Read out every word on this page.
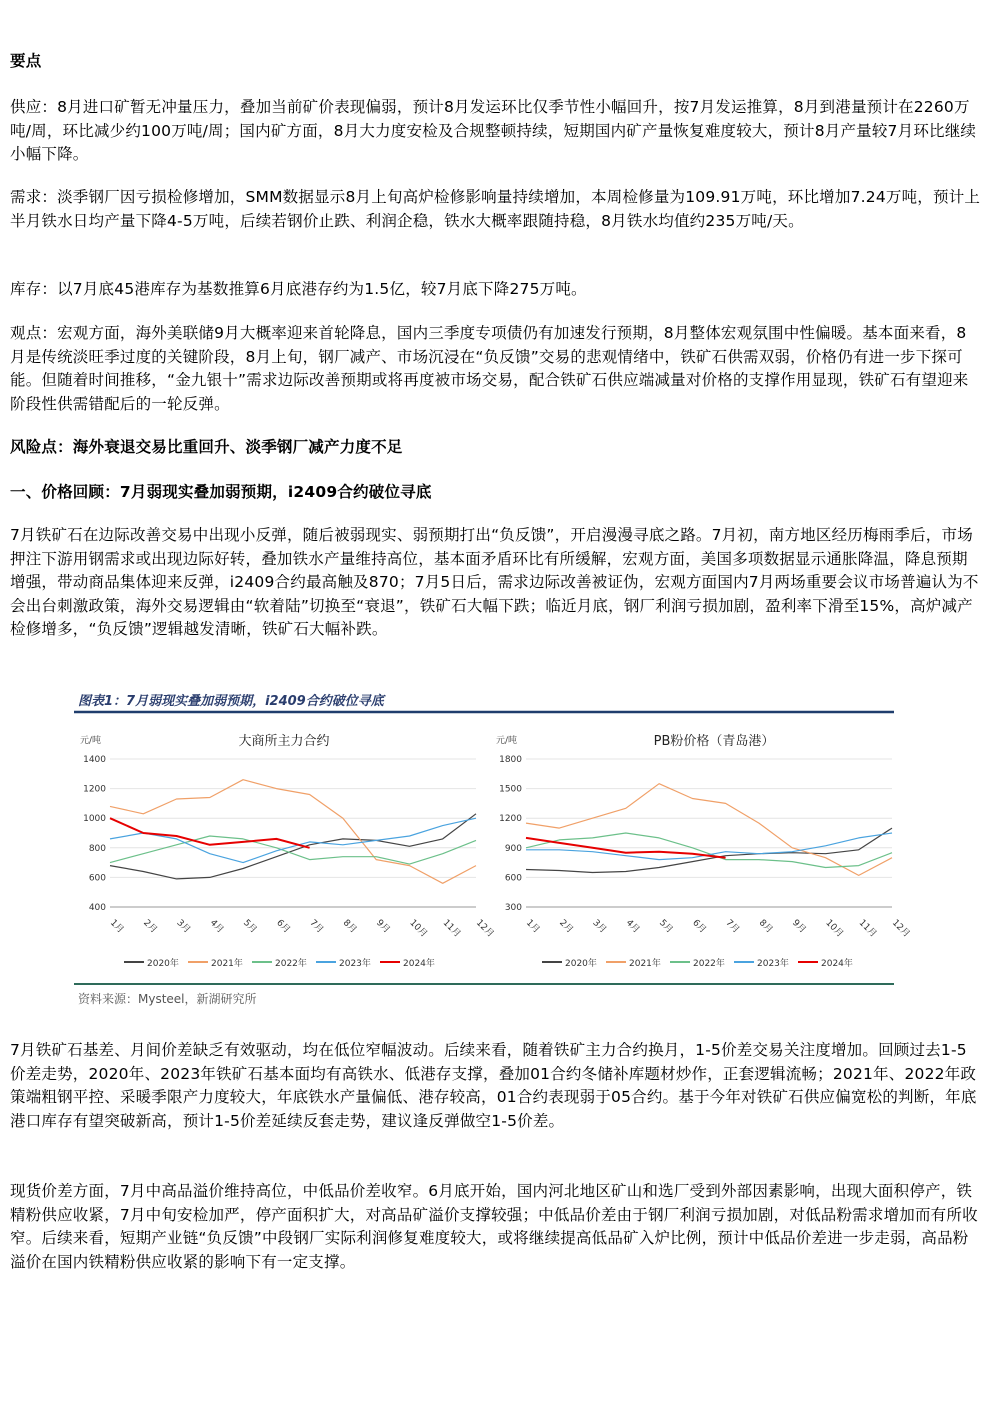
要点

供应：8月进口矿暂无冲量压力，叠加当前矿价表现偏弱，预计8月发运环比仅季节性小幅回升，按7月发运推算，8月到港量预计在2260万吨/周，环比减少约100万吨/周；国内矿方面，8月大力度安检及合规整顿持续，短期国内矿产量恢复难度较大，预计8月产量较7月环比继续小幅下降。

需求：淡季钢厂因亏损检修增加，SMM数据显示8月上旬高炉检修影响量持续增加，本周检修量为109.91万吨，环比增加7.24万吨，预计上半月铁水日均产量下降4-5万吨，后续若钢价止跌、利润企稳，铁水大概率跟随持稳，8月铁水均值约235万吨/天。

库存：以7月底45港库存为基数推算6月底港存约为1.5亿，较7月底下降275万吨。

观点：宏观方面，海外美联储9月大概率迎来首轮降息，国内三季度专项债仍有加速发行预期，8月整体宏观氛围中性偏暖。基本面来看，8月是传统淡旺季过度的关键阶段，8月上旬，钢厂减产、市场沉浸在“负反馈”交易的悲观情绪中，铁矿石供需双弱，价格仍有进一步下探可能。但随着时间推移，“金九银十”需求边际改善预期或将再度被市场交易，配合铁矿石供应端减量对价格的支撑作用显现，铁矿石有望迎来阶段性供需错配后的一轮反弹。

风险点：海外衰退交易比重回升、淡季钢厂减产力度不足

一、价格回顾：7月弱现实叠加弱预期，i2409合约破位寻底

7月铁矿石在边际改善交易中出现小反弹，随后被弱现实、弱预期打出“负反馈”，开启漫漫寻底之路。7月初，南方地区经历梅雨季后，市场押注下游用钢需求或出现边际好转，叠加铁水产量维持高位，基本面矛盾环比有所缓解，宏观方面，美国多项数据显示通胀降温，降息预期增强，带动商品集体迎来反弹，i2409合约最高触及870；7月5日后，需求边际改善被证伪，宏观方面国内7月两场重要会议市场普遍认为不会出台刺激政策，海外交易逻辑由“软着陆”切换至“衰退”，铁矿石大幅下跌；临近月底，钢厂利润亏损加剧，盈利率下滑至15%，高炉减产检修增多，“负反馈”逻辑越发清晰，铁矿石大幅补跌。

图表1：7月弱现实叠加弱预期，i2409合约破位寻底
大商所主力合约
元/吨
400
600
800
1000
1200
1400
1月 2月 3月 4月 5月 6月 7月 8月 9月 10月 11月 12月
2020年	2021年	2022年	2023年	2024年
PB粉价格（青岛港）
元/吨
300
600
900
1200
1500
1800
1月 2月 3月 4月 5月 6月 7月 8月 9月 10月 11月 12月
2020年	2021年	2022年	2023年	2024年
资料来源：Mysteel，新湖研究所

7月铁矿石基差、月间价差缺乏有效驱动，均在低位窄幅波动。后续来看，随着铁矿主力合约换月，1-5价差交易关注度增加。回顾过去1-5价差走势，2020年、2023年铁矿石基本面均有高铁水、低港存支撑，叠加01合约冬储补库题材炒作，正套逻辑流畅；2021年、2022年政策端粗钢平控、采暖季限产力度较大，年底铁水产量偏低、港存较高，01合约表现弱于05合约。基于今年对铁矿石供应偏宽松的判断，年底港口库存有望突破新高，预计1-5价差延续反套走势，建议逢反弹做空1-5价差。

现货价差方面，7月中高品溢价维持高位，中低品价差收窄。6月底开始，国内河北地区矿山和选厂受到外部因素影响，出现大面积停产，铁精粉供应收紧，7月中旬安检加严，停产面积扩大，对高品矿溢价支撑较强；中低品价差由于钢厂利润亏损加剧，对低品粉需求增加而有所收窄。后续来看，短期产业链“负反馈”中段钢厂实际利润修复难度较大，或将继续提高低品矿入炉比例，预计中低品价差进一步走弱，高品粉溢价在国内铁精粉供应收紧的影响下有一定支撑。
